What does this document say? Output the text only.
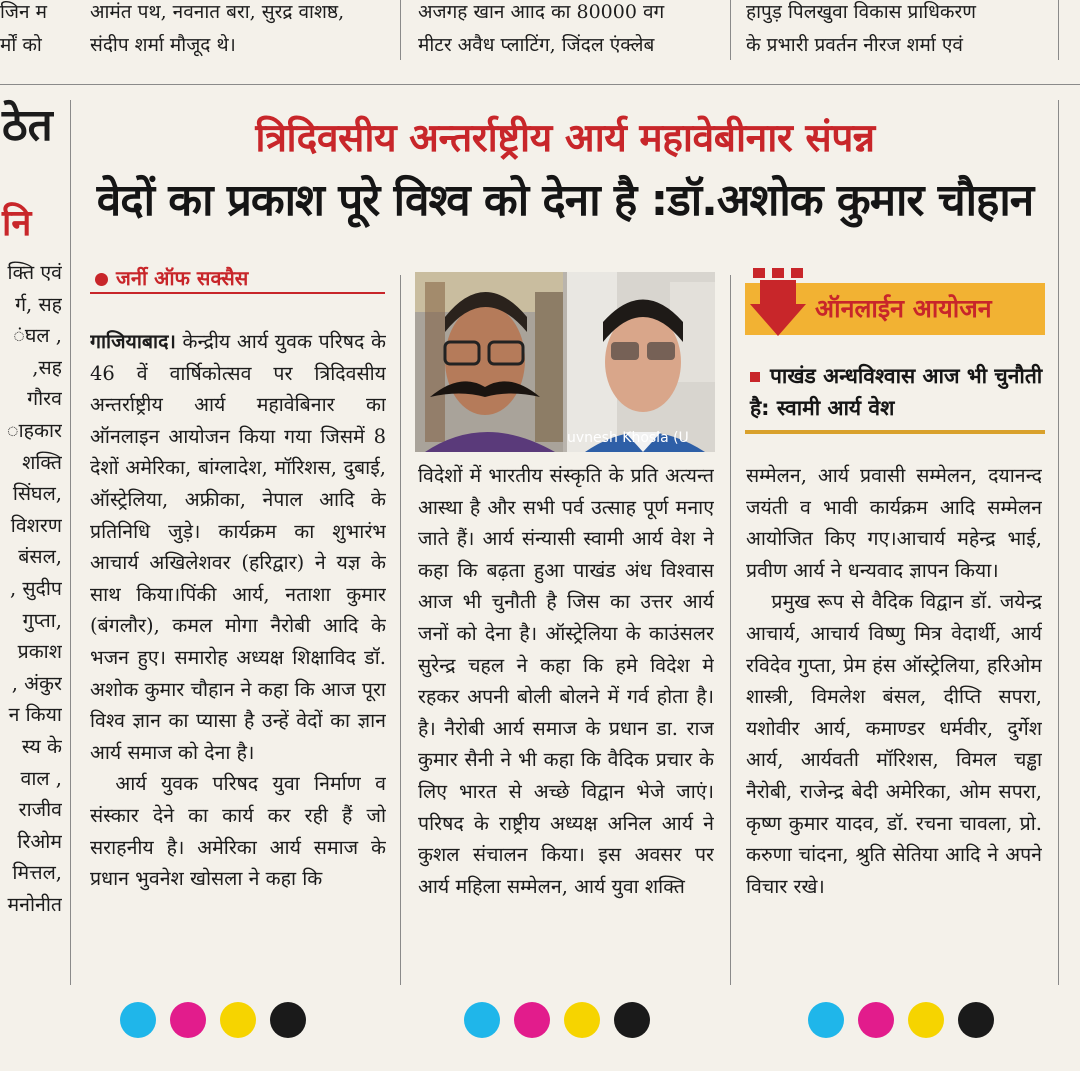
जिन म
र्मों को
आमंत पथ, नवनात बरा, सुरद्र वाशष्ठ,
संदीप शर्मा मौजूद थे।
अजगह खान आाद का 80000 वग
मीटर अवैध प्लाटिंग, जिंदल एंक्लेब
हापुड़ पिलखुवा विकास प्राधिकरण
के प्रभारी प्रवर्तन नीरज शर्मा एवं
ठेत
नि
क्ति एवं
र्ग, सह
ंघल ,
,सह
गौरव
ाहकार
शक्ति
सिंघल,
विशरण
बंसल,
, सुदीप
गुप्ता,
प्रकाश
, अंकुर
न किया
स्य के
वाल ,
राजीव
रिओम
मित्तल,
मनोनीत
त्रिदिवसीय अन्तर्राष्ट्रीय आर्य महावेबीनार संपन्न
वेदों का प्रकाश पूरे विश्व को देना है :डॉ.अशोक कुमार चौहान
जर्नी ऑफ सक्सैस
uvnesh Khosla (U
ऑनलाईन आयोजन
पाखंड अन्धविश्वास आज भी चुनौती है: स्वामी आर्य वेश

गाजियाबाद। केन्द्रीय आर्य युवक परिषद के 46 वें वार्षिकोत्सव पर त्रिदिवसीय अन्तर्राष्ट्रीय आर्य महावेबिनार का ऑनलाइन आयोजन किया गया जिसमें 8 देशों अमेरिका, बांग्लादेश, मॉरिशस, दुबाई, ऑस्ट्रेलिया, अफ्रीका, नेपाल आदि के प्रतिनिधि जुड़े। कार्यक्रम का शुभारंभ आचार्य अखिलेशवर (हरिद्वार) ने यज्ञ के साथ किया।पिंकी आर्य, नताशा कुमार (बंगलौर), कमल मोगा नैरोबी आदि के भजन हुए। समारोह अध्यक्ष शिक्षाविद डॉ. अशोक कुमार चौहान ने कहा कि आज पूरा विश्व ज्ञान का प्यासा है उन्हें वेदों का ज्ञान आर्य समाज को देना है।

आर्य युवक परिषद युवा निर्माण व संस्कार देने का कार्य कर रही हैं जो सराहनीय है। अमेरिका आर्य समाज के प्रधान भुवनेश खोसला ने कहा कि

विदेशों में भारतीय संस्कृति के प्रति अत्यन्त आस्था है और सभी पर्व उत्साह पूर्ण मनाए जाते हैं। आर्य संन्यासी स्वामी आर्य वेश ने कहा कि बढ़ता हुआ पाखंड अंध विश्वास आज भी चुनौती है जिस का उत्तर आर्य जनों को देना है। ऑस्ट्रेलिया के काउंसलर सुरेन्द्र चहल ने कहा कि हमे विदेश मे रहकर अपनी बोली बोलने में गर्व होता है।है। नैरोबी आर्य समाज के प्रधान डा. राज कुमार सैनी ने भी कहा कि वैदिक प्रचार के लिए भारत से अच्छे विद्वान भेजे जाएं।परिषद के राष्ट्रीय अध्यक्ष अनिल आर्य ने कुशल संचालन किया। इस अवसर पर आर्य महिला सम्मेलन, आर्य युवा शक्ति

सम्मेलन, आर्य प्रवासी सम्मेलन, दयानन्द जयंती व भावी कार्यक्रम आदि सम्मेलन आयोजित किए गए।आचार्य महेन्द्र भाई, प्रवीण आर्य ने धन्यवाद ज्ञापन किया।

प्रमुख रूप से वैदिक विद्वान डॉ. जयेन्द्र आचार्य, आचार्य विष्णु मित्र वेदार्थी, आर्य रविदेव गुप्ता, प्रेम हंस ऑस्ट्रेलिया, हरिओम शास्त्री, विमलेश बंसल, दीप्ति सपरा, यशोवीर आर्य, कमाण्डर धर्मवीर, दुर्गेश आर्य, आर्यवती मॉरिशस, विमल चड्ढा नैरोबी, राजेन्द्र बेदी अमेरिका, ओम सपरा, कृष्ण कुमार यादव, डॉ. रचना चावला, प्रो. करुणा चांदना, श्रुति सेतिया आदि ने अपने विचार रखे।
